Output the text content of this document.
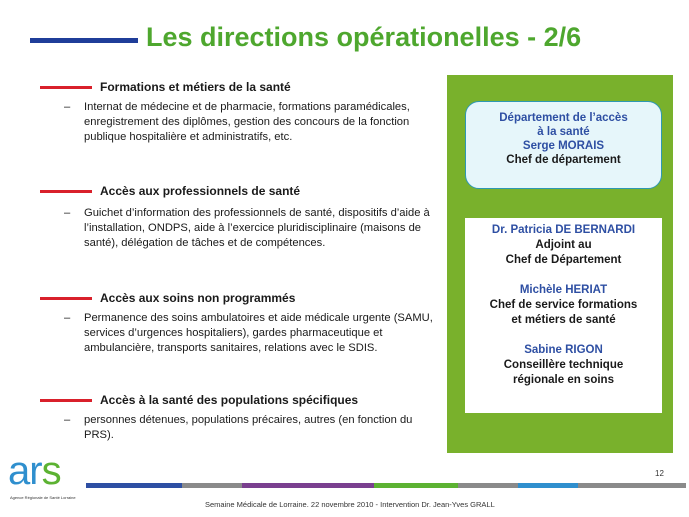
Les directions opérationelles - 2/6
Formations et métiers de la santé
–	Internat de médecine et de pharmacie, formations paramédicales, enregistrement des diplômes, gestion des concours de la fonction publique hospitalière et administratifs, etc.
Accès aux professionnels de santé
–	Guichet d’information des professionnels de santé, dispositifs d’aide à l’installation, ONDPS, aide à l’exercice pluridisciplinaire (maisons de santé), délégation de tâches et de compétences.
Accès aux soins non programmés
–	Permanence des soins ambulatoires et aide médicale urgente (SAMU, services d’urgences hospitaliers), gardes pharmaceutique et ambulancière, transports sanitaires, relations avec le SDIS.
Accès à la santé des populations spécifiques
–	personnes détenues, populations précaires, autres (en fonction du PRS).
Département de l’accès
à la santé
Serge MORAIS
Chef de département
Dr. Patricia DE BERNARDI
Adjoint au
Chef de Département
Michèle HERIAT
Chef de service formations
et métiers de santé
Sabine RIGON
Conseillère technique
régionale en soins
ars
Agence Régionale de Santé Lorraine
12
Semaine Médicale de Lorraine. 22 novembre 2010 - Intervention Dr. Jean-Yves GRALL
